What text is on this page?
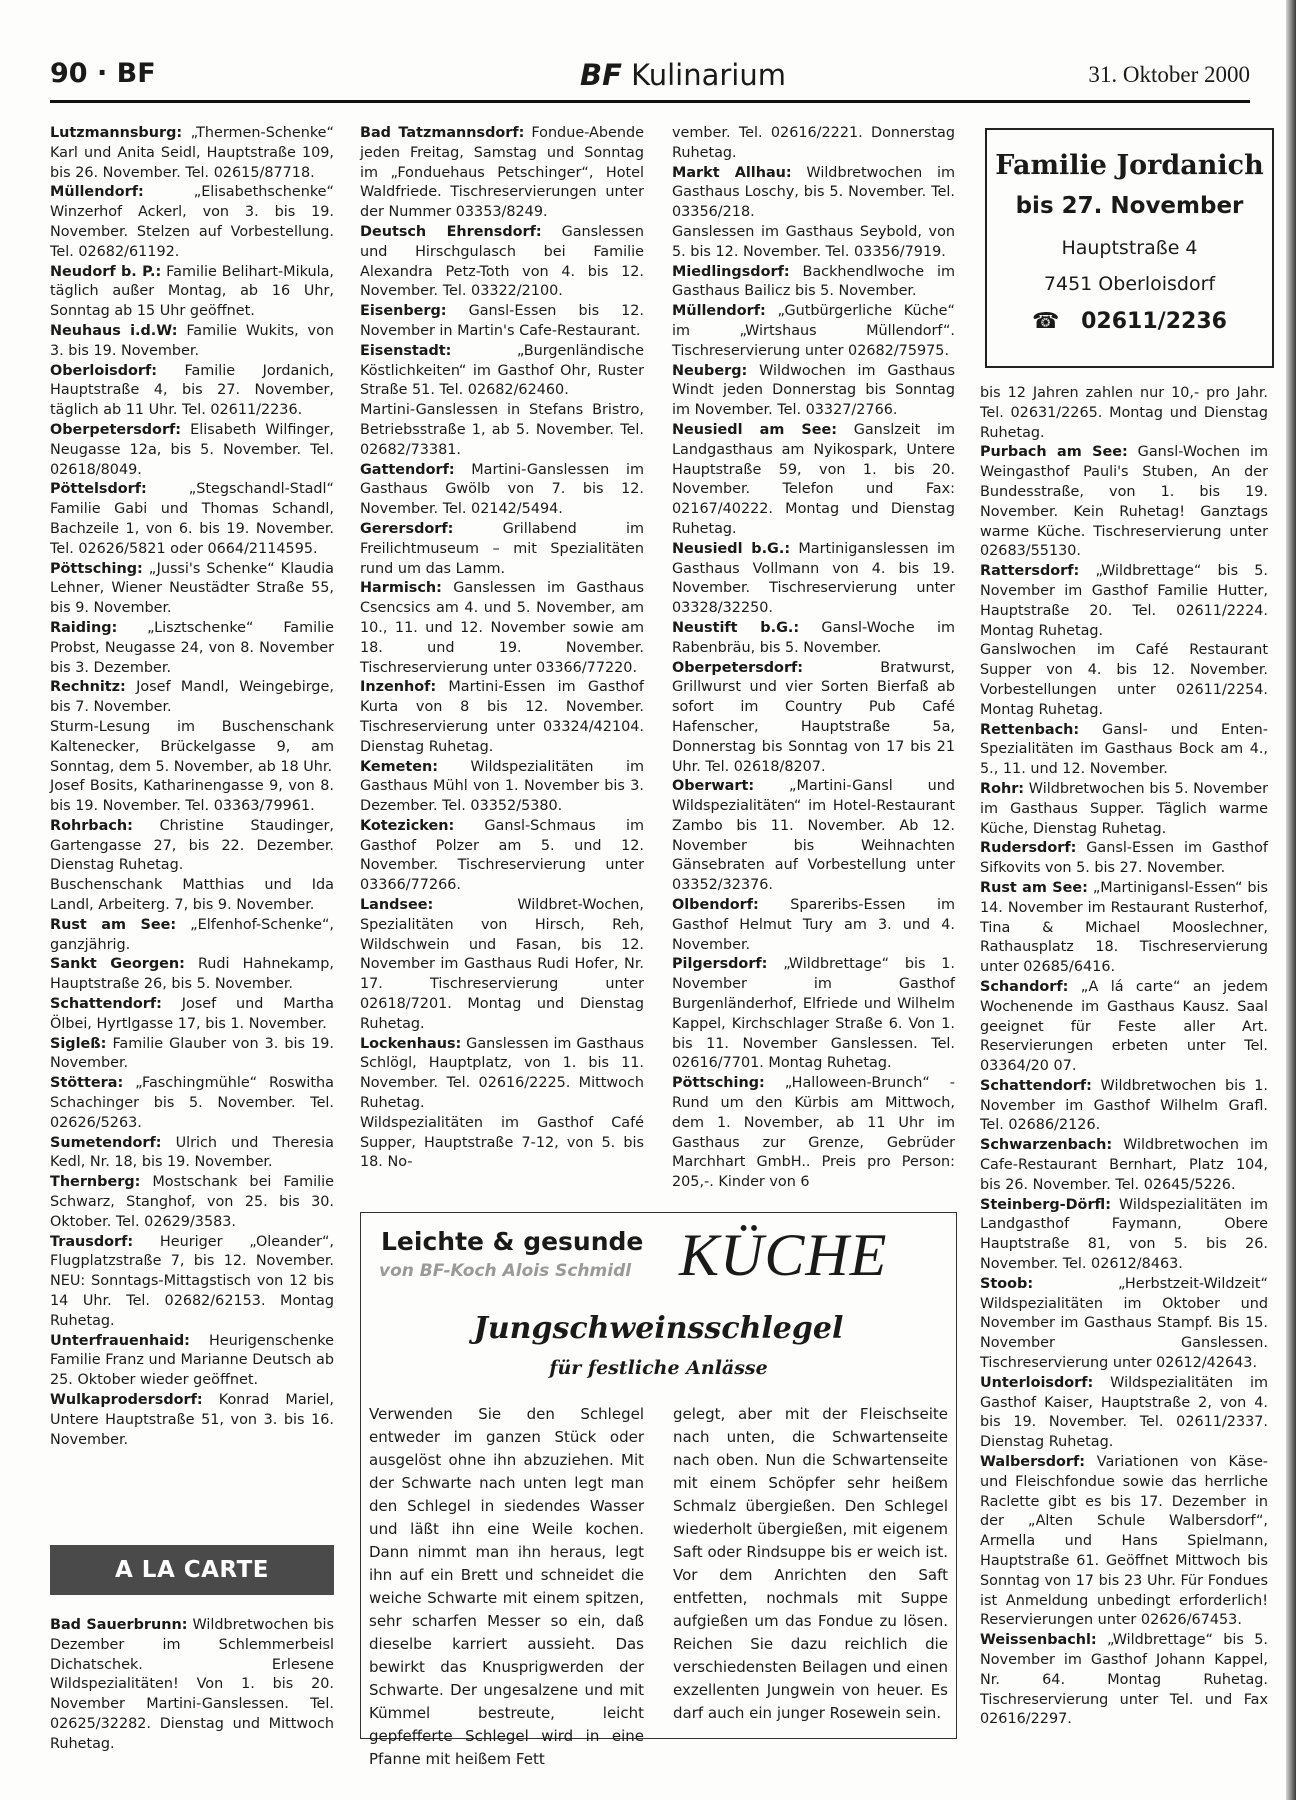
90 · BF	BF Kulinarium	31. Oktober 2000

Lutzmannsburg: „Thermen-Schenke“ Karl und Anita Seidl, Hauptstraße 109, bis 26. November. Tel. 02615/87718.

Müllendorf: „Elisabethschenke“ Winzerhof Ackerl, von 3. bis 19. November. Stelzen auf Vorbestellung. Tel. 02682/61192.

Neudorf b. P.: Familie Belihart-Mikula, täglich außer Montag, ab 16 Uhr, Sonntag ab 15 Uhr geöffnet.

Neuhaus i.d.W: Familie Wukits, von 3. bis 19. November.

Oberloisdorf: Familie Jordanich, Hauptstraße 4, bis 27. November, täglich ab 11 Uhr. Tel. 02611/2236.

Oberpetersdorf: Elisabeth Wilfinger, Neugasse 12a, bis 5. November. Tel. 02618/8049.

Pöttelsdorf: „Stegschandl-Stadl“ Familie Gabi und Thomas Schandl, Bachzeile 1, von 6. bis 19. November. Tel. 02626/5821 oder 0664/2114595.

Pöttsching: „Jussi's Schenke“ Klaudia Lehner, Wiener Neustädter Straße 55, bis 9. November.

Raiding: „Lisztschenke“ Familie Probst, Neugasse 24, von 8. November bis 3. Dezember.

Rechnitz: Josef Mandl, Weingebirge, bis 7. November.

Sturm-Lesung im Buschenschank Kaltenecker, Brückelgasse 9, am Sonntag, dem 5. November, ab 18 Uhr.

Josef Bosits, Katharinengasse 9, von 8. bis 19. November. Tel. 03363/79961.

Rohrbach: Christine Staudinger, Gartengasse 27, bis 22. Dezember. Dienstag Ruhetag.

Buschenschank Matthias und Ida Landl, Arbeiterg. 7, bis 9. November.

Rust am See: „Elfenhof-Schenke“, ganzjährig.

Sankt Georgen: Rudi Hahnekamp, Hauptstraße 26, bis 5. November.

Schattendorf: Josef und Martha Ölbei, Hyrtlgasse 17, bis 1. November.

Sigleß: Familie Glauber von 3. bis 19. November.

Stöttera: „Faschingmühle“ Roswitha Schachinger bis 5. November. Tel. 02626/5263.

Sumetendorf: Ulrich und Theresia Kedl, Nr. 18, bis 19. November.

Thernberg: Mostschank bei Familie Schwarz, Stanghof, von 25. bis 30. Oktober. Tel. 02629/3583.

Trausdorf: Heuriger „Oleander“, Flugplatzstraße 7, bis 12. November. NEU: Sonntags-Mittagstisch von 12 bis 14 Uhr. Tel. 02682/62153. Montag Ruhetag.

Unterfrauenhaid: Heurigenschenke Familie Franz und Marianne Deutsch ab 25. Oktober wieder geöffnet.

Wulkaprodersdorf: Konrad Mariel, Untere Hauptstraße 51, von 3. bis 16. November.

A LA CARTE

Bad Sauerbrunn: Wildbretwochen bis Dezember im Schlemmerbeisl Dichatschek. Erlesene Wildspezialitäten! Von 1. bis 20. November Martini-Ganslessen. Tel. 02625/32282. Dienstag und Mittwoch Ruhetag.

Bad Tatzmannsdorf: Fondue-Abende jeden Freitag, Samstag und Sonntag im „Fonduehaus Petschinger“, Hotel Waldfriede. Tischreservierungen unter der Nummer 03353/8249.

Deutsch Ehrensdorf: Ganslessen und Hirschgulasch bei Familie Alexandra Petz-Toth von 4. bis 12. November. Tel. 03322/2100.

Eisenberg: Gansl-Essen bis 12. November in Martin's Cafe-Restaurant.

Eisenstadt: „Burgenländische Köstlichkeiten“ im Gasthof Ohr, Ruster Straße 51. Tel. 02682/62460.

Martini-Ganslessen in Stefans Bristro, Betriebsstraße 1, ab 5. November. Tel. 02682/73381.

Gattendorf: Martini-Ganslessen im Gasthaus Gwölb von 7. bis 12. November. Tel. 02142/5494.

Gerersdorf: Grillabend im Freilichtmuseum – mit Spezialitäten rund um das Lamm.

Harmisch: Ganslessen im Gasthaus Csencsics am 4. und 5. November, am 10., 11. und 12. November sowie am 18. und 19. November. Tischreservierung unter 03366/77220.

Inzenhof: Martini-Essen im Gasthof Kurta von 8 bis 12. November. Tischreservierung unter 03324/42104. Dienstag Ruhetag.

Kemeten: Wildspezialitäten im Gasthaus Mühl von 1. November bis 3. Dezember. Tel. 03352/5380.

Kotezicken: Gansl-Schmaus im Gasthof Polzer am 5. und 12. November. Tischreservierung unter 03366/77266.

Landsee: Wildbret-Wochen, Spezialitäten von Hirsch, Reh, Wildschwein und Fasan, bis 12. November im Gasthaus Rudi Hofer, Nr. 17. Tischreservierung unter 02618/7201. Montag und Dienstag Ruhetag.

Lockenhaus: Ganslessen im Gasthaus Schlögl, Hauptplatz, von 1. bis 11. November. Tel. 02616/2225. Mittwoch Ruhetag.

Wildspezialitäten im Gasthof Café Supper, Hauptstraße 7-12, von 5. bis 18. No-

vember. Tel. 02616/2221. Donnerstag Ruhetag.

Markt Allhau: Wildbretwochen im Gasthaus Loschy, bis 5. November. Tel. 03356/218.

Ganslessen im Gasthaus Seybold, von 5. bis 12. November. Tel. 03356/7919.

Miedlingsdorf: Backhendlwoche im Gasthaus Bailicz bis 5. November.

Müllendorf: „Gutbürgerliche Küche“ im „Wirtshaus Müllendorf“. Tischreservierung unter 02682/75975.

Neuberg: Wildwochen im Gasthaus Windt jeden Donnerstag bis Sonntag im November. Tel. 03327/2766.

Neusiedl am See: Ganslzeit im Landgasthaus am Nyikospark, Untere Hauptstraße 59, von 1. bis 20. November. Telefon und Fax: 02167/40222. Montag und Dienstag Ruhetag.

Neusiedl b.G.: Martiniganslessen im Gasthaus Vollmann von 4. bis 19. November. Tischreservierung unter 03328/32250.

Neustift b.G.: Gansl-Woche im Rabenbräu, bis 5. November.

Oberpetersdorf: Bratwurst, Grillwurst und vier Sorten Bierfaß ab sofort im Country Pub Café Hafenscher, Hauptstraße 5a, Donnerstag bis Sonntag von 17 bis 21 Uhr. Tel. 02618/8207.

Oberwart: „Martini-Gansl und Wildspezialitäten“ im Hotel-Restaurant Zambo bis 11. November. Ab 12. November bis Weihnachten Gänsebraten auf Vorbestellung unter 03352/32376.

Olbendorf: Spareribs-Essen im Gasthof Helmut Tury am 3. und 4. November.

Pilgersdorf: „Wildbrettage“ bis 1. November im Gasthof Burgenländerhof, Elfriede und Wilhelm Kappel, Kirchschlager Straße 6. Von 1. bis 11. November Ganslessen. Tel. 02616/7701. Montag Ruhetag.

Pöttsching: „Halloween-Brunch“ - Rund um den Kürbis am Mittwoch, dem 1. November, ab 11 Uhr im Gasthaus zur Grenze, Gebrüder Marchhart GmbH.. Preis pro Person: 205,-. Kinder von 6

Familie Jordanich
bis 27. November
Hauptstraße 4
7451 Oberloisdorf
☎ 02611/2236

bis 12 Jahren zahlen nur 10,- pro Jahr. Tel. 02631/2265. Montag und Dienstag Ruhetag.

Purbach am See: Gansl-Wochen im Weingasthof Pauli's Stuben, An der Bundesstraße, von 1. bis 19. November. Kein Ruhetag! Ganztags warme Küche. Tischreservierung unter 02683/55130.

Rattersdorf: „Wildbrettage“ bis 5. November im Gasthof Familie Hutter, Hauptstraße 20. Tel. 02611/2224. Montag Ruhetag.

Ganslwochen im Café Restaurant Supper von 4. bis 12. November. Vorbestellungen unter 02611/2254. Montag Ruhetag.

Rettenbach: Gansl- und Enten-Spezialitäten im Gasthaus Bock am 4., 5., 11. und 12. November.

Rohr: Wildbretwochen bis 5. November im Gasthaus Supper. Täglich warme Küche, Dienstag Ruhetag.

Rudersdorf: Gansl-Essen im Gasthof Sifkovits von 5. bis 27. November.

Rust am See: „Martinigansl-Essen“ bis 14. November im Restaurant Rusterhof, Tina & Michael Mooslechner, Rathausplatz 18. Tischreservierung unter 02685/6416.

Schandorf: „A lá carte“ an jedem Wochenende im Gasthaus Kausz. Saal geeignet für Feste aller Art. Reservierungen erbeten unter Tel. 03364/20 07.

Schattendorf: Wildbretwochen bis 1. November im Gasthof Wilhelm Grafl. Tel. 02686/2126.

Schwarzenbach: Wildbretwochen im Cafe-Restaurant Bernhart, Platz 104, bis 26. November. Tel. 02645/5226.

Steinberg-Dörfl: Wildspezialitäten im Landgasthof Faymann, Obere Hauptstraße 81, von 5. bis 26. November. Tel. 02612/8463.

Stoob: „Herbstzeit-Wildzeit“ Wildspezialitäten im Oktober und November im Gasthaus Stampf. Bis 15. November Ganslessen. Tischreservierung unter 02612/42643.

Unterloisdorf: Wildspezialitäten im Gasthof Kaiser, Hauptstraße 2, von 4. bis 19. November. Tel. 02611/2337. Dienstag Ruhetag.

Walbersdorf: Variationen von Käse- und Fleischfondue sowie das herrliche Raclette gibt es bis 17. Dezember in der „Alten Schule Walbersdorf“, Armella und Hans Spielmann, Hauptstraße 61. Geöffnet Mittwoch bis Sonntag von 17 bis 23 Uhr. Für Fondues ist Anmeldung unbedingt erforderlich! Reservierungen unter 02626/67453.

Weissenbachl: „Wildbrettage“ bis 5. November im Gasthof Johann Kappel, Nr. 64. Montag Ruhetag. Tischreservierung unter Tel. und Fax 02616/2297.

Leichte & gesunde
von BF-Koch Alois Schmidl KÜCHE
Jungschweinsschlegel
für festliche Anlässe
Verwenden Sie den Schlegel entweder im ganzen Stück oder ausgelöst ohne ihn abzuziehen. Mit der Schwarte nach unten legt man den Schlegel in siedendes Wasser und läßt ihn eine Weile kochen. Dann nimmt man ihn heraus, legt ihn auf ein Brett und schneidet die weiche Schwarte mit einem spitzen, sehr scharfen Messer so ein, daß dieselbe karriert aussieht. Das bewirkt das Knusprigwerden der Schwarte. Der ungesalzene und mit Kümmel bestreute, leicht gepfefferte Schlegel wird in eine Pfanne mit heißem Fett
gelegt, aber mit der Fleischseite nach unten, die Schwartenseite nach oben. Nun die Schwartenseite mit einem Schöpfer sehr heißem Schmalz übergießen. Den Schlegel wiederholt übergießen, mit eigenem Saft oder Rindsuppe bis er weich ist. Vor dem Anrichten den Saft entfetten, nochmals mit Suppe aufgießen um das Fondue zu lösen. Reichen Sie dazu reichlich die verschiedensten Beilagen und einen exzellenten Jungwein von heuer. Es darf auch ein junger Rosewein sein.
